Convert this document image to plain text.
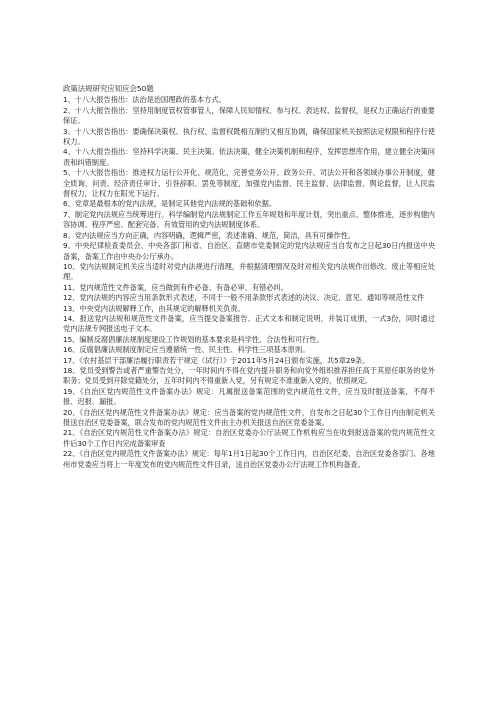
政策法规研究应知应会50题

1、十八大报告指出：法治是治国理政的基本方式。

2、十八大报告指出：坚持用制度管权管事管人，保障人民知情权、参与权、表达权、监督权，是权力正确运行的重要保证。

3、十八大报告指出：要确保决策权、执行权、监督权既相互制约又相互协调，确保国家机关按照法定权限和程序行使权力。

4、十八大报告指出：坚持科学决策、民主决策、依法决策，健全决策机制和程序，发挥思想库作用，建立健全决策问责和纠错制度。

5、十八大报告指出：推进权力运行公开化、规范化，完善党务公开、政务公开、司法公开和各领域办事公开制度，健全质询、问责、经济责任审计、引咎辞职、罢免等制度，加强党内监督、民主监督、法律监督、舆论监督，让人民监督权力，让权力在阳光下运行。

6、党章是最根本的党内法规，是制定其他党内法规的基础和依据。

7、制定党内法规应当统筹进行。科学编制党内法规制定工作五年规划和年度计划，突出重点、整体推进，逐步构建内容协调、程序严密、配套完备、有效管用的党内法规制度体系。

8、党内法规应当方向正确，内容明确，逻辑严密，表述准确、规范，简洁，具有可操作性。

9、中央纪律检查委员会、中央各部门和省、自治区、直辖市党委制定的党内法规应当自发布之日起30日内报送中央备案，备案工作由中央办公厅承办。

10、党内法规制定机关应当适时对党内法规进行清理，并根据清理情况及时对相关党内法规作出修改、废止等相应处理。

11、党内规范性文件备案，应当做到有件必备、有备必审、有错必纠。

12、党内法规的内容应当用条款形式表述，不同于一般不用条款形式表述的决议、决定、意见、通知等规范性文件

13、中央党内法规解释工作，由其规定的解释机关负责。

14、报送党内法规和规范性文件备案，应当提交备案报告、正式文本和制定说明，并装订成册，一式3份，同时通过党内法规专网报送电子文本。

15、编制反腐倡廉法规制度建设工作规划的基本要求是科学性、合法性和可行性。

16、反腐倡廉法规制度制定应当遵循统一性、民主性、科学性三项基本原则。

17、《农村基层干部廉洁履行职责若干规定（试行）》于2011年5月24日颁布实施，共5章29条。

18、党员受到警告或者严重警告处分，一年时间内不得在党内提升职务和向党外组织推荐担任高于其原任职务的党外职务；党员受到开除党籍处分，五年时间内不得重新入党，另有规定不准重新入党的，依照规定。

19、《自治区党内规范性文件备案办法》规定：凡属报送备案范围的党内规范性文件，应当及时报送备案，不得不报、迟报、漏报。

20、《自治区党内规范性文件备案办法》规定：应当备案的党内规范性文件，自发布之日起30个工作日内由制定机关报送自治区党委备案，联合发布的党内规范性文件由主办机关报送自治区党委备案。

21、《自治区党内规范性文件备案办法》规定：自治区党委办公厅法规工作机构应当在收到报送备案的党内规范性文件后30个工作日内完成备案审查

22、《自治区党内规范性文件备案办法》规定：每年1月1日起30个工作日内，自治区纪委、自治区党委各部门、各地州市党委应当将上一年度发布的党内规范性文件目录，送自治区党委办公厅法规工作机构备查。
